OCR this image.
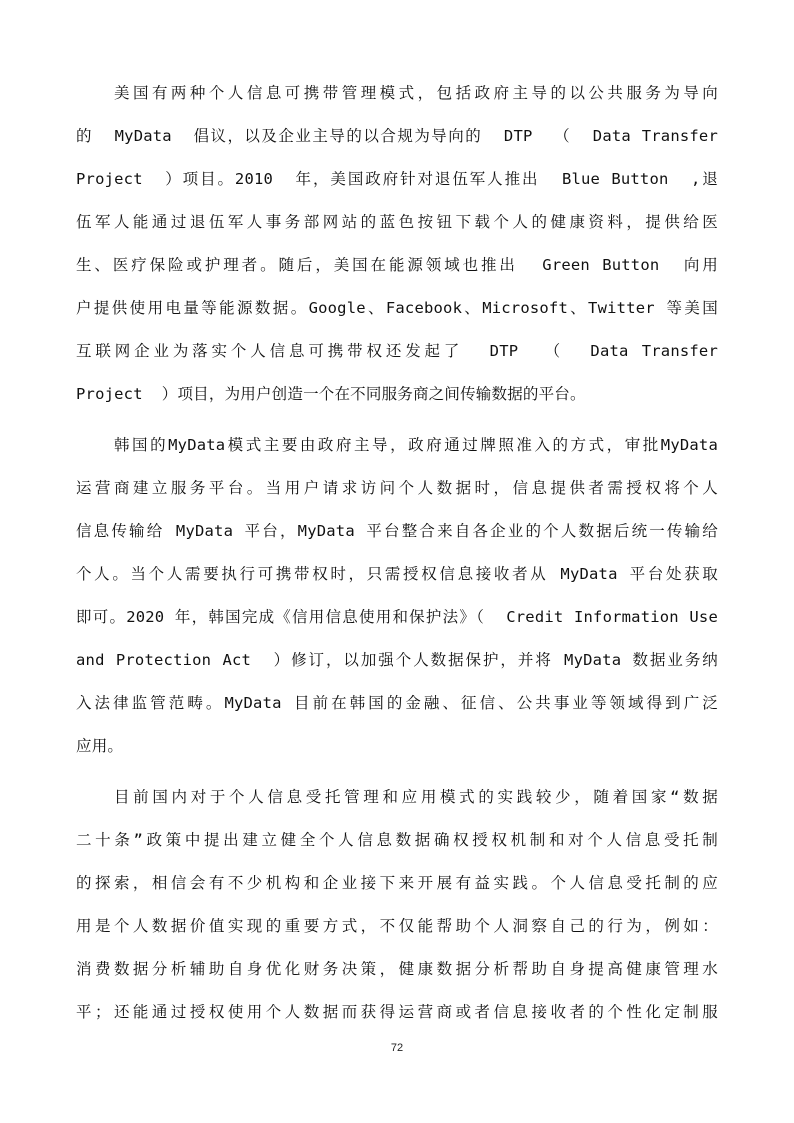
美国有两种个人信息可携带管理模式，包括政府主导的以公共服务为导向
的  MyData  倡议，以及企业主导的以合规为导向的  DTP  （  Data Transfer
Project  ）项目。2010  年，美国政府针对退伍军人推出  Blue Button  ,退
伍军人能通过退伍军人事务部网站的蓝色按钮下载个人的健康资料，提供给医
生、医疗保险或护理者。随后，美国在能源领域也推出  Green Button  向用
户提供使用电量等能源数据。Google、Facebook、Microsoft、Twitter 等美国
互联网企业为落实个人信息可携带权还发起了  DTP  （  Data Transfer
Project  ）项目，为用户创造一个在不同服务商之间传输数据的平台。

韩国的MyData模式主要由政府主导，政府通过牌照准入的方式，审批MyData
运营商建立服务平台。当用户请求访问个人数据时，信息提供者需授权将个人
信息传输给 MyData 平台，MyData 平台整合来自各企业的个人数据后统一传输给
个人。当个人需要执行可携带权时，只需授权信息接收者从 MyData 平台处获取
即可。2020 年，韩国完成《信用信息使用和保护法》（  Credit Information Use
and Protection Act  ）修订，以加强个人数据保护，并将 MyData 数据业务纳
入法律监管范畴。MyData 目前在韩国的金融、征信、公共事业等领域得到广泛
应用。

目前国内对于个人信息受托管理和应用模式的实践较少，随着国家“数据
二十条”政策中提出建立健全个人信息数据确权授权机制和对个人信息受托制
的探索，相信会有不少机构和企业接下来开展有益实践。个人信息受托制的应
用是个人数据价值实现的重要方式，不仅能帮助个人洞察自己的行为，例如：
消费数据分析辅助自身优化财务决策，健康数据分析帮助自身提高健康管理水
平；还能通过授权使用个人数据而获得运营商或者信息接收者的个性化定制服

72
